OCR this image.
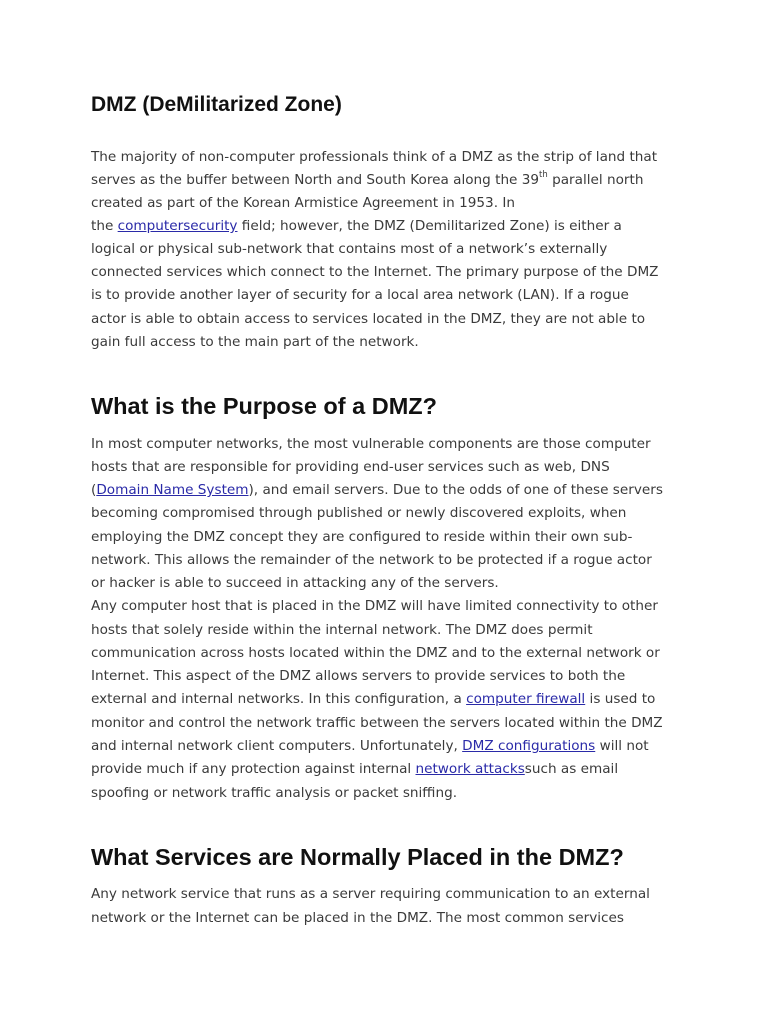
DMZ (DeMilitarized Zone)
The majority of non-computer professionals think of a DMZ as the strip of land that
serves as the buffer between North and South Korea along the 39th parallel north
created as part of the Korean Armistice Agreement in 1953. In
the computersecurity field; however, the DMZ (Demilitarized Zone) is either a
logical or physical sub-network that contains most of a network’s externally
connected services which connect to the Internet. The primary purpose of the DMZ
is to provide another layer of security for a local area network (LAN). If a rogue
actor is able to obtain access to services located in the DMZ, they are not able to
gain full access to the main part of the network.
What is the Purpose of a DMZ?
In most computer networks, the most vulnerable components are those computer
hosts that are responsible for providing end-user services such as web, DNS
(Domain Name System), and email servers. Due to the odds of one of these servers
becoming compromised through published or newly discovered exploits, when
employing the DMZ concept they are configured to reside within their own sub-
network. This allows the remainder of the network to be protected if a rogue actor
or hacker is able to succeed in attacking any of the servers.
Any computer host that is placed in the DMZ will have limited connectivity to other
hosts that solely reside within the internal network. The DMZ does permit
communication across hosts located within the DMZ and to the external network or
Internet. This aspect of the DMZ allows servers to provide services to both the
external and internal networks. In this configuration, a computer firewall is used to
monitor and control the network traffic between the servers located within the DMZ
and internal network client computers. Unfortunately, DMZ configurations will not
provide much if any protection against internal network attackssuch as email
spoofing or network traffic analysis or packet sniffing.
What Services are Normally Placed in the DMZ?
Any network service that runs as a server requiring communication to an external
network or the Internet can be placed in the DMZ. The most common services
